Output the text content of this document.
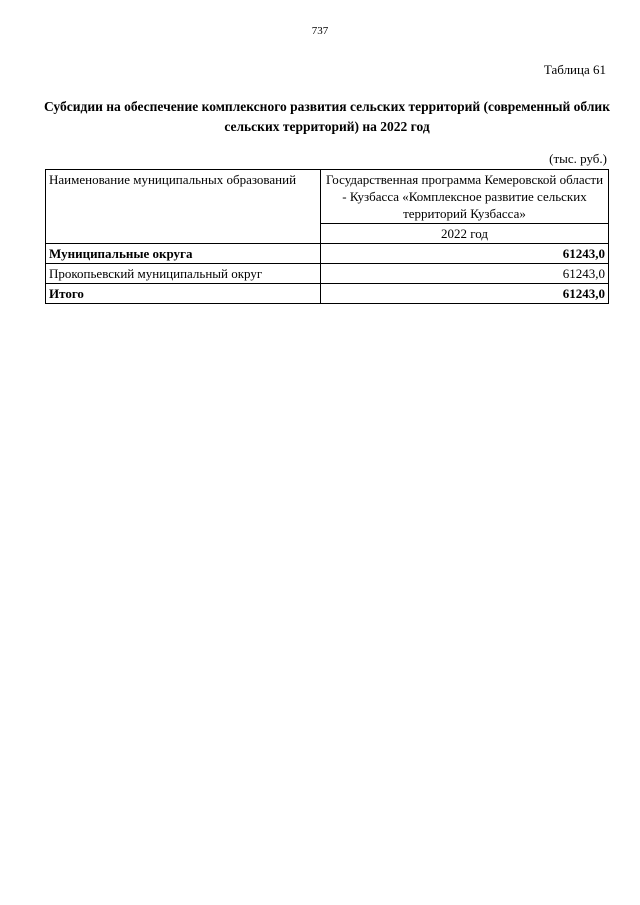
737
Таблица 61
Субсидии на обеспечение комплексного развития сельских территорий (современный облик сельских территорий) на 2022 год
(тыс. руб.)
Наименование муниципальных образований	Государственная программа Кемеровской области - Кузбасса «Комплексное развитие сельских территорий Кузбасса»
	2022 год
Муниципальные округа	61243,0
Прокопьевский муниципальный округ	61243,0
Итого	61243,0
